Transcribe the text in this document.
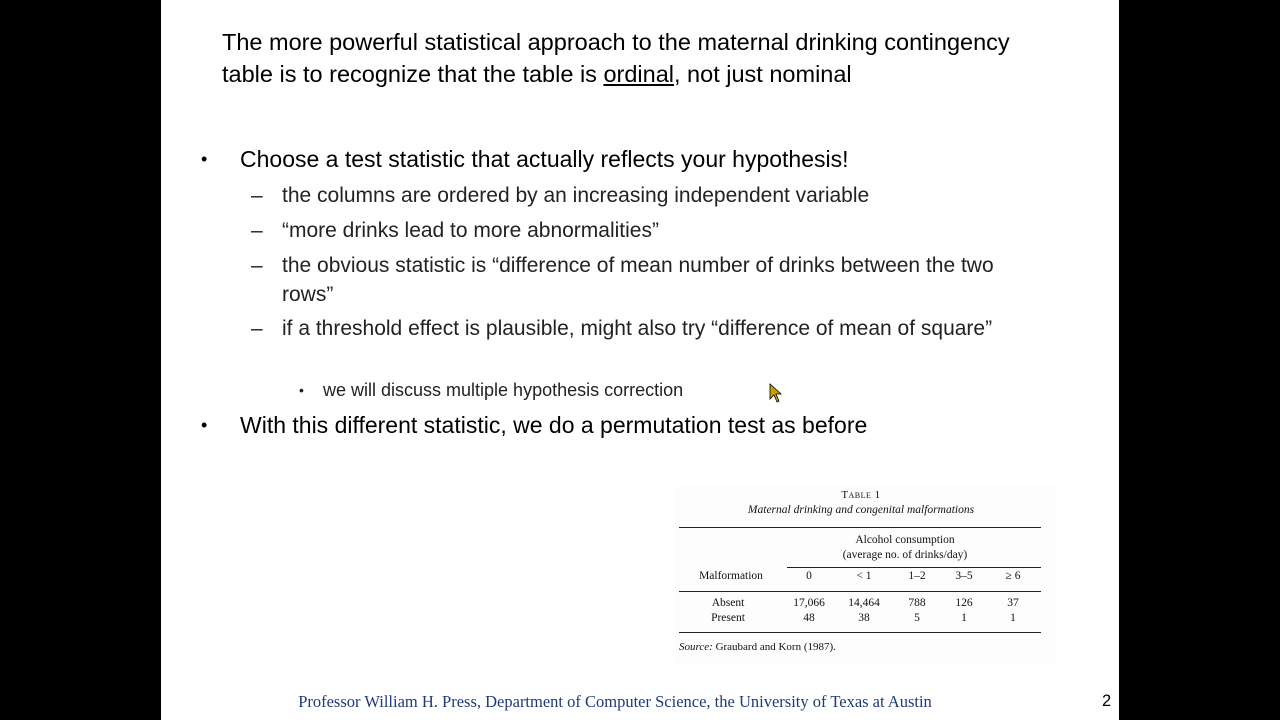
The more powerful statistical approach to the maternal drinking contingency table is to recognize that the table is ordinal, not just nominal
• Choose a test statistic that actually reflects your hypothesis!
– the columns are ordered by an increasing independent variable
– “more drinks lead to more abnormalities”
– the obvious statistic is “difference of mean number of drinks between the two rows”
– if a threshold effect is plausible, might also try “difference of mean of square”
• we will discuss multiple hypothesis correction
• With this different statistic, we do a permutation test as before
Table 1
Maternal drinking and congenital malformations
Alcohol consumption
(average no. of drinks/day)
Malformation	0	< 1	1–2	3–5	≥ 6
Absent	17,066	14,464	788	126	37
Present	48	38	5	1	1
Source: Graubard and Korn (1987).
Professor William H. Press, Department of Computer Science, the University of Texas at Austin	2
